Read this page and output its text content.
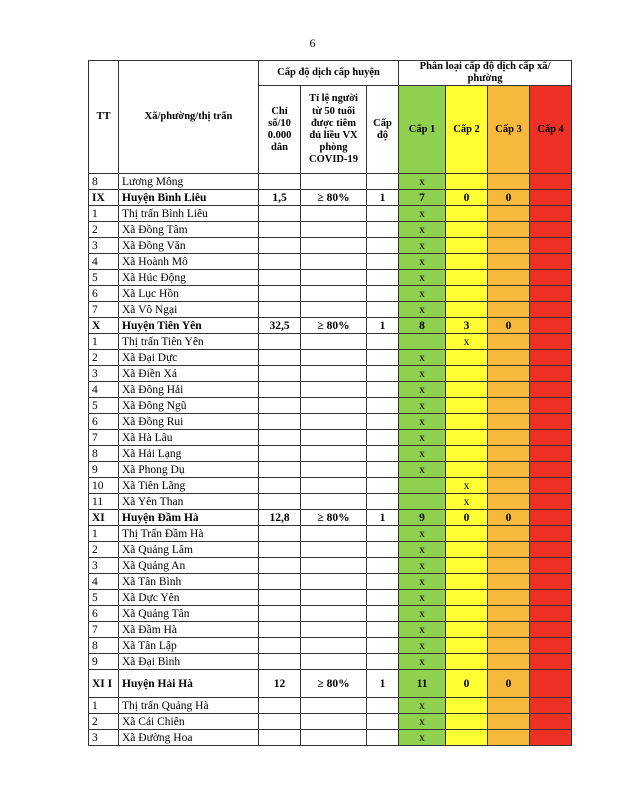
6
TT	Xã/phường/thị trấn	Cấp độ dịch cấp huyện			Phân loại cấp độ dịch cấp xã/ phường			
		Chỉ số/10 0.000 dân	Tỉ lệ người từ 50 tuổi được tiêm đủ liều VX phòng COVID-19	Cấp độ	Cấp 1	Cấp 2	Cấp 3	Cấp 4
8	Lương Mông				x			
IX	Huyện Bình Liêu	1,5	≥ 80%	1	7	0	0	
1	Thị trấn Bình Liêu				x			
2	Xã Đồng Tâm				x			
3	Xã Đồng Văn				x			
4	Xã Hoành Mô				x			
5	Xã Húc Động				x			
6	Xã Lục Hồn				x			
7	Xã Vô Ngại				x			
X	Huyện Tiên Yên	32,5	≥ 80%	1	8	3	0	
1	Thị trấn Tiên Yên					x		
2	Xã Đại Dực				x			
3	Xã Điền Xá				x			
4	Xã Đông Hải				x			
5	Xã Đông Ngũ				x			
6	Xã Đồng Rui				x			
7	Xã Hà Lâu				x			
8	Xã Hải Lạng				x			
9	Xã Phong Dụ				x			
10	Xã Tiên Lãng					x		
11	Xã Yên Than					x		
XI	Huyện Đầm Hà	12,8	≥ 80%	1	9	0	0	
1	Thị Trấn Đầm Hà				x			
2	Xã Quảng Lâm				x			
3	Xã Quảng An				x			
4	Xã Tân Bình				x			
5	Xã Dực Yên				x			
6	Xã Quảng Tân				x			
7	Xã Đầm Hà				x			
8	Xã Tân Lập				x			
9	Xã Đại Bình				x			
XI I	Huyện Hải Hà	12	≥ 80%	1	11	0	0	
1	Thị trấn Quảng Hà				x			
2	Xã Cái Chiên				x			
3	Xã Đường Hoa				x			
